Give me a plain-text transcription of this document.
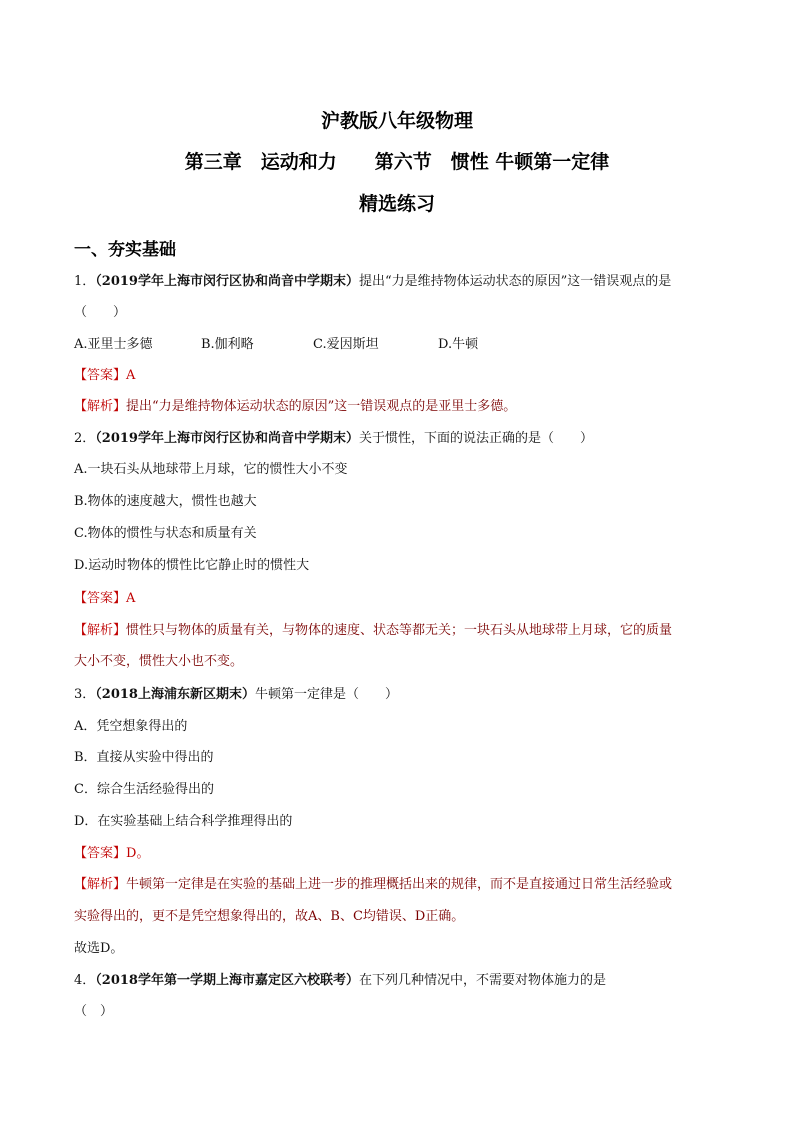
沪教版八年级物理
第三章　运动和力　　第六节　惯性 牛顿第一定律
精选练习
一、夯实基础
1．（2019学年上海市闵行区协和尚音中学期末）提出“力是维持物体运动状态的原因”这一错误观点的是
（　　）
A.亚里士多德	B.伽利略	C.爱因斯坦	D.牛顿
【答案】A
【解析】提出“力是维持物体运动状态的原因”这一错误观点的是亚里士多德。
2．（2019学年上海市闵行区协和尚音中学期末）关于惯性，下面的说法正确的是（　　）
A.一块石头从地球带上月球，它的惯性大小不变
B.物体的速度越大，惯性也越大
C.物体的惯性与状态和质量有关
D.运动时物体的惯性比它静止时的惯性大
【答案】A
【解析】惯性只与物体的质量有关，与物体的速度、状态等都无关；一块石头从地球带上月球，它的质量
大小不变，惯性大小也不变。
3．（2018上海浦东新区期末）牛顿第一定律是（　　）
A．凭空想象得出的
B．直接从实验中得出的
C．综合生活经验得出的
D．在实验基础上结合科学推理得出的
【答案】D。
【解析】牛顿第一定律是在实验的基础上进一步的推理概括出来的规律，而不是直接通过日常生活经验或
实验得出的，更不是凭空想象得出的，故A、B、C均错误、D正确。
故选D。
4．（2018学年第一学期上海市嘉定区六校联考）在下列几种情况中，不需要对物体施力的是
（　）
